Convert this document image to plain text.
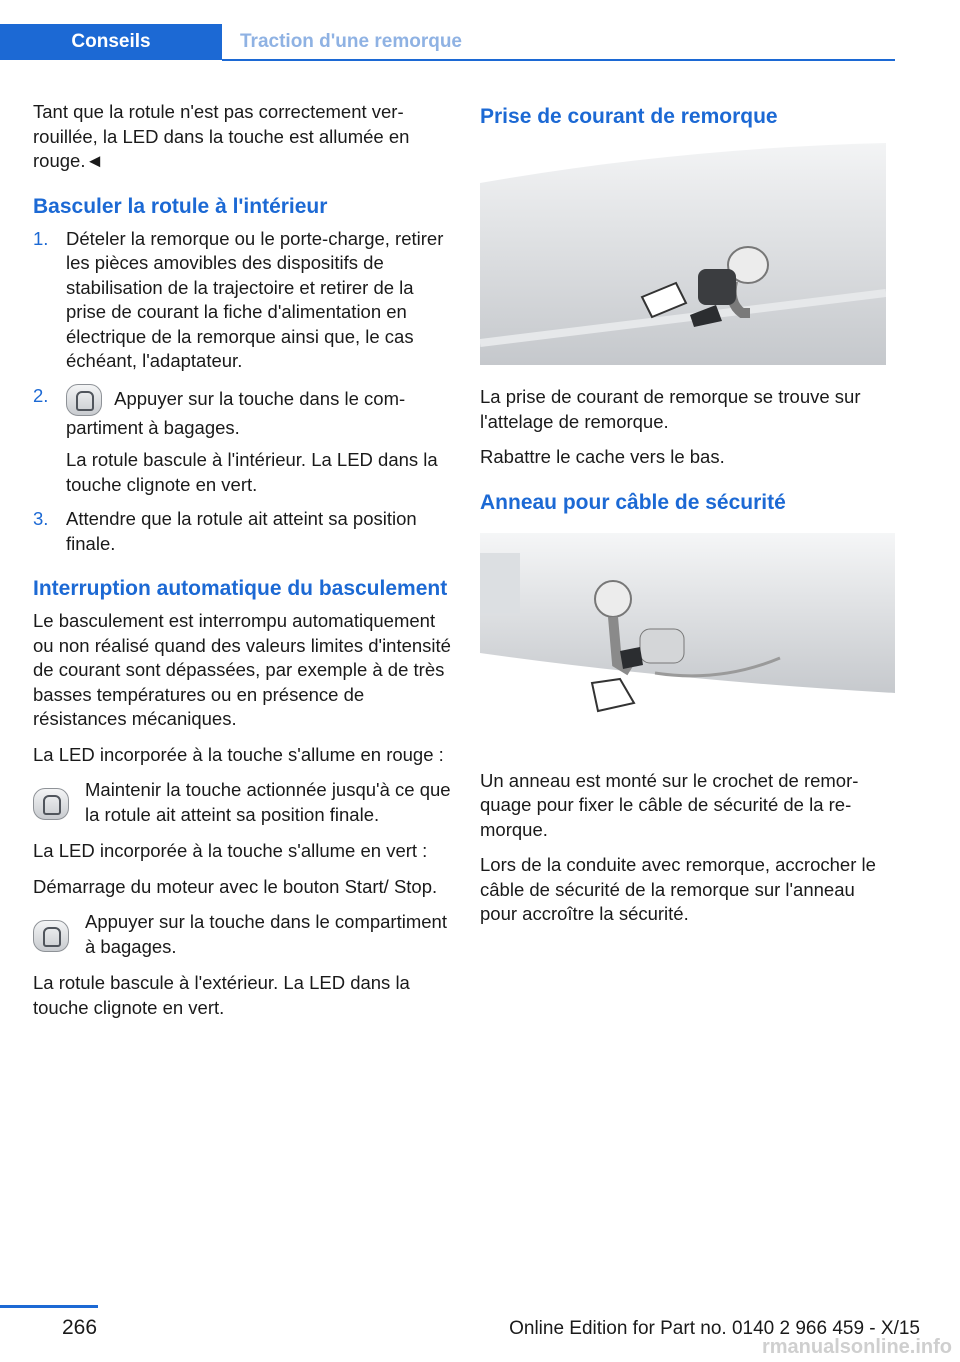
Conseils	Traction d'une remorque

Tant que la rotule n'est pas correctement verrouillée, la LED dans la touche est allumée en rouge.◄

Basculer la rotule à l'intérieur
1. Dételer la remorque ou le porte-charge, retirer les pièces amovibles des dispositifs de stabilisation de la trajectoire et retirer de la prise de courant la fiche d'alimentation en électrique de la remorque ainsi que, le cas échéant, l'adaptateur.
2.	Appuyer sur la touche dans le compartiment à bagages.
La rotule bascule à l'intérieur. La LED dans la touche clignote en vert.
3. Attendre que la rotule ait atteint sa position finale.
Interruption automatique du basculement

Le basculement est interrompu automatiquement ou non réalisé quand des valeurs limites d'intensité de courant sont dépassées, par exemple à de très basses températures ou en présence de résistances mécaniques.

La LED incorporée à la touche s'allume en rouge :

Maintenir la touche actionnée jusqu'à ce que la rotule ait atteint sa position finale.

La LED incorporée à la touche s'allume en vert :

Démarrage du moteur avec le bouton Start/ Stop.

Appuyer sur la touche dans le compartiment à bagages.

La rotule bascule à l'extérieur. La LED dans la touche clignote en vert.

Prise de courant de remorque

La prise de courant de remorque se trouve sur l'attelage de remorque.

Rabattre le cache vers le bas.

Anneau pour câble de sécurité

Un anneau est monté sur le crochet de remorquage pour fixer le câble de sécurité de la remorque.

Lors de la conduite avec remorque, accrocher le câble de sécurité de la remorque sur l'anneau pour accroître la sécurité.

266	Online Edition for Part no. 0140 2 966 459 - X/15
rmanualsonline.info
